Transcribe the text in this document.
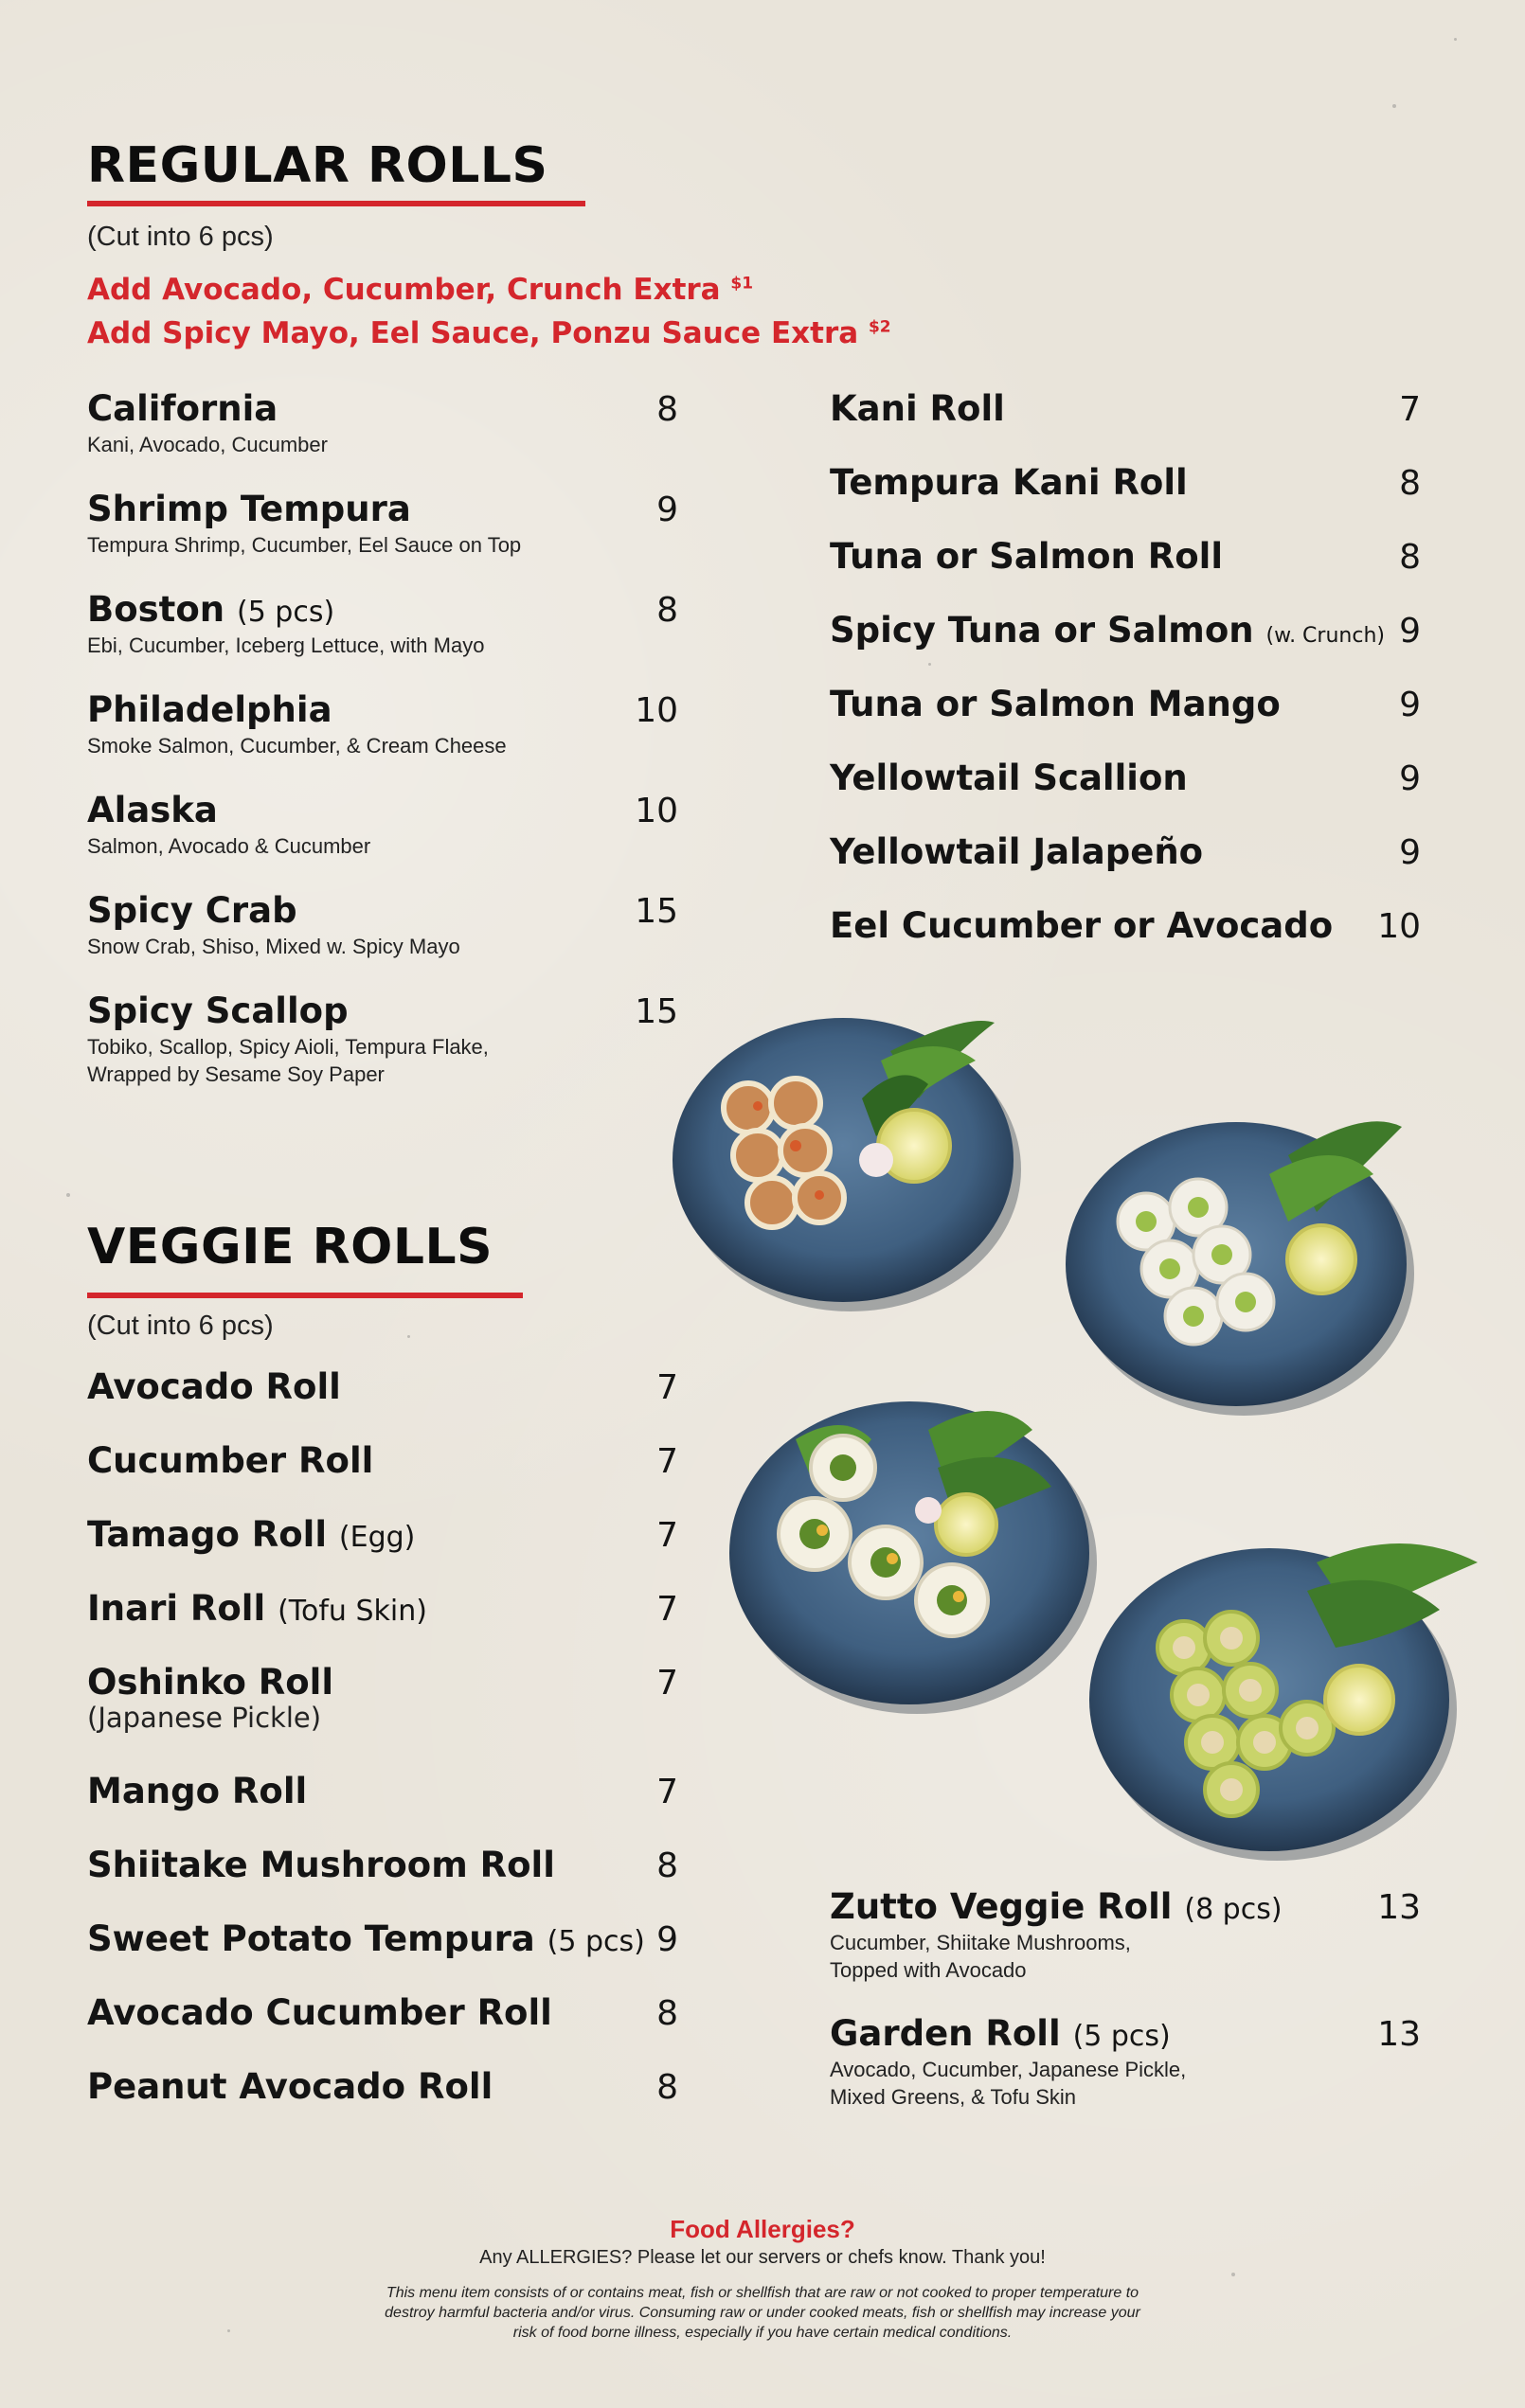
REGULAR ROLLS
(Cut into 6 pcs)
Add Avocado, Cucumber, Crunch Extra $^{\$1}$
Add Spicy Mayo, Eel Sauce, Ponzu Sauce Extra $^{\$2}$
California
Kani, Avocado, Cucumber
8
Shrimp Tempura
Tempura Shrimp, Cucumber, Eel Sauce on Top
9
Boston (5 pcs)
Ebi, Cucumber, Iceberg Lettuce, with Mayo
8
Philadelphia
Smoke Salmon, Cucumber, & Cream Cheese
10
Alaska
Salmon, Avocado & Cucumber
10
Spicy Crab
Snow Crab, Shiso, Mixed w. Spicy Mayo
15
Spicy Scallop
Tobiko, Scallop, Spicy Aioli, Tempura Flake,
Wrapped by Sesame Soy Paper
15
Kani Roll	7
Tempura Kani Roll	8
Tuna or Salmon Roll	8
Spicy Tuna or Salmon (w. Crunch) 9
Tuna or Salmon Mango	9
Yellowtail Scallion	9
Yellowtail Jalapeño	9
Eel Cucumber or Avocado	10
VEGGIE ROLLS
(Cut into 6 pcs)
Avocado Roll	7
Cucumber Roll	7
Tamago Roll (Egg)	7
Inari Roll (Tofu Skin)	7
Oshinko Roll
(Japanese Pickle)
7
Mango Roll	7
Shiitake Mushroom Roll	8
Sweet Potato Tempura (5 pcs) 9
Avocado Cucumber Roll	8
Peanut Avocado Roll	8
Zutto Veggie Roll (8 pcs)
Cucumber, Shiitake Mushrooms,
Topped with Avocado
13
Garden Roll (5 pcs)
Avocado, Cucumber, Japanese Pickle,
Mixed Greens, & Tofu Skin
13
Food Allergies?
Any ALLERGIES? Please let our servers or chefs know. Thank you!
This menu item consists of or contains meat, fish or shellfish that are raw or not cooked to proper temperature to destroy harmful bacteria and/or virus. Consuming raw or under cooked meats, fish or shellfish may increase your risk of food borne illness, especially if you have certain medical conditions.
